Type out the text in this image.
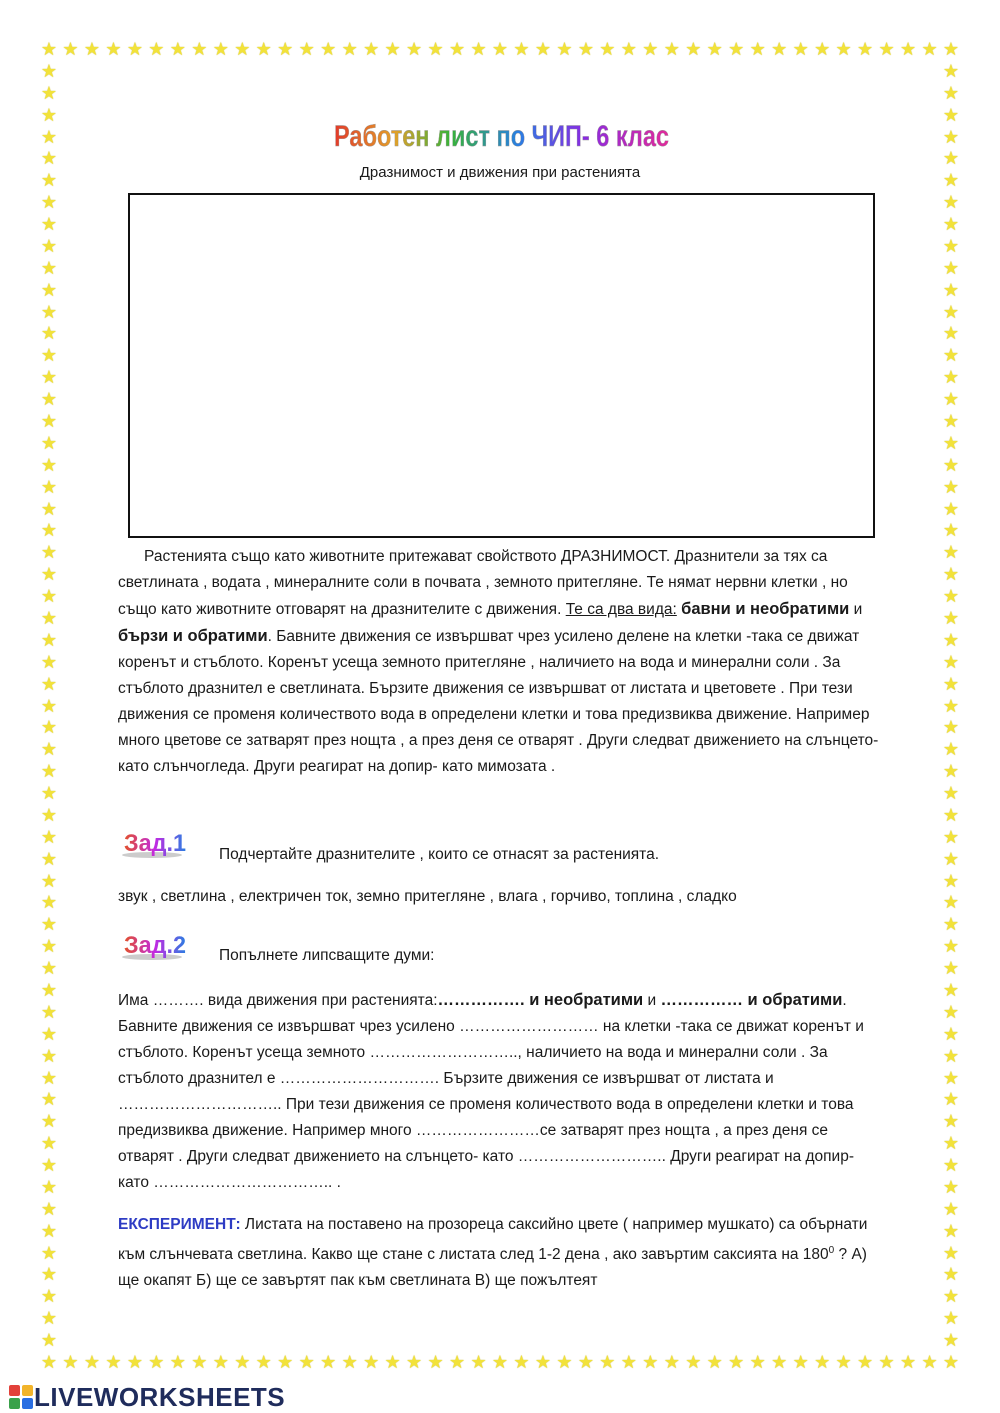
★
★
★
★
★
★
★
★
★
★
★
★
★
★
★
★
★
★
★
★
★
★
★
★
★
★
★
★
★
★
★
★
★
★
★
★
★
★
★
★
★
★
★
★
★
★
★
★
★
★
★
★
★
★
★
★
★
★
★
★
★
★
★
★
★
★
★
★
★
★
★
★
★
★
★
★
★
★
★
★
★
★
★
★
★
★
★	★
★	★
★	★
★	★
★	★
★	★
★	★
★	★
★	★
★	★
★	★
★	★
★	★
★	★
★	★
★	★
★	★
★	★
★	★
★	★
★	★
★	★
★	★
★	★
★	★
★	★
★	★
★	★
★	★
★	★
★	★
★	★
★	★
★	★
★	★
★	★
★	★
★	★
★	★
★	★
★	★
★	★
★	★
★	★
★	★
★	★
★	★
★	★
★	★
★	★
★	★
★	★
★	★
★	★
★	★
★	★
★	★
★	★
★	★
Работен лист по ЧИП- 6 клас
Дразнимост и движения при растенията
Растенията също като животните притежават свойството ДРАЗНИМОСТ. Дразнители за тях са светлината , водата , минералните соли в почвата , земното притегляне. Те нямат нервни клетки , но също като животните отговарят на дразнителите с движения. Те са два вида: бавни и необратими и бързи и обратими. Бавните движения се извършват чрез усилено делене на клетки -така се движат коренът и стъблото. Коренът усеща земното притегляне , наличието на вода и минерални соли . За стъблото дразнител е светлината. Бързите движения се извършват от листата и цветовете . При тези движения се променя количеството вода в определени клетки и това предизвиква движение. Например много цветове се затварят през нощта , а през деня се отварят . Други следват движението на слънцето- като слънчогледа. Други реагират на допир- като мимозата .
Зад.1 Подчертайте дразнителите , които се отнасят за растенията.
звук , светлина , електричен ток, земно притегляне , влага , горчиво, топлина , сладко
Зад.2 Попълнете липсващите думи:
Има ………. вида движения при растенията:……………. и необратими и …………… и обратими.
Бавните движения се извършват чрез усилено ……………………… на клетки -така се движат коренът и стъблото. Коренът усеща земното ……………………….., наличието на вода и минерални соли . За стъблото дразнител е …………………………. Бързите движения се извършват от листата и ………………………….. При тези движения се променя количеството вода в определени клетки и това предизвиква движение. Например много ……………………се затварят през нощта , а през деня се отварят . Други следват движението на слънцето- като ……………………….. Други реагират на допир-като …………………………….. .
ЕКСПЕРИМЕНТ: Листата на поставено на прозореца саксийно цвете ( например мушкато) са обърнати към слънчевата светлина. Какво ще стане с листата след 1-2 дена , ако завъртим саксията на $180^0$ ? А) ще окапят Б) ще се завъртят пак към светлината В) ще пожълтеят
LIVEWORKSHEETS
